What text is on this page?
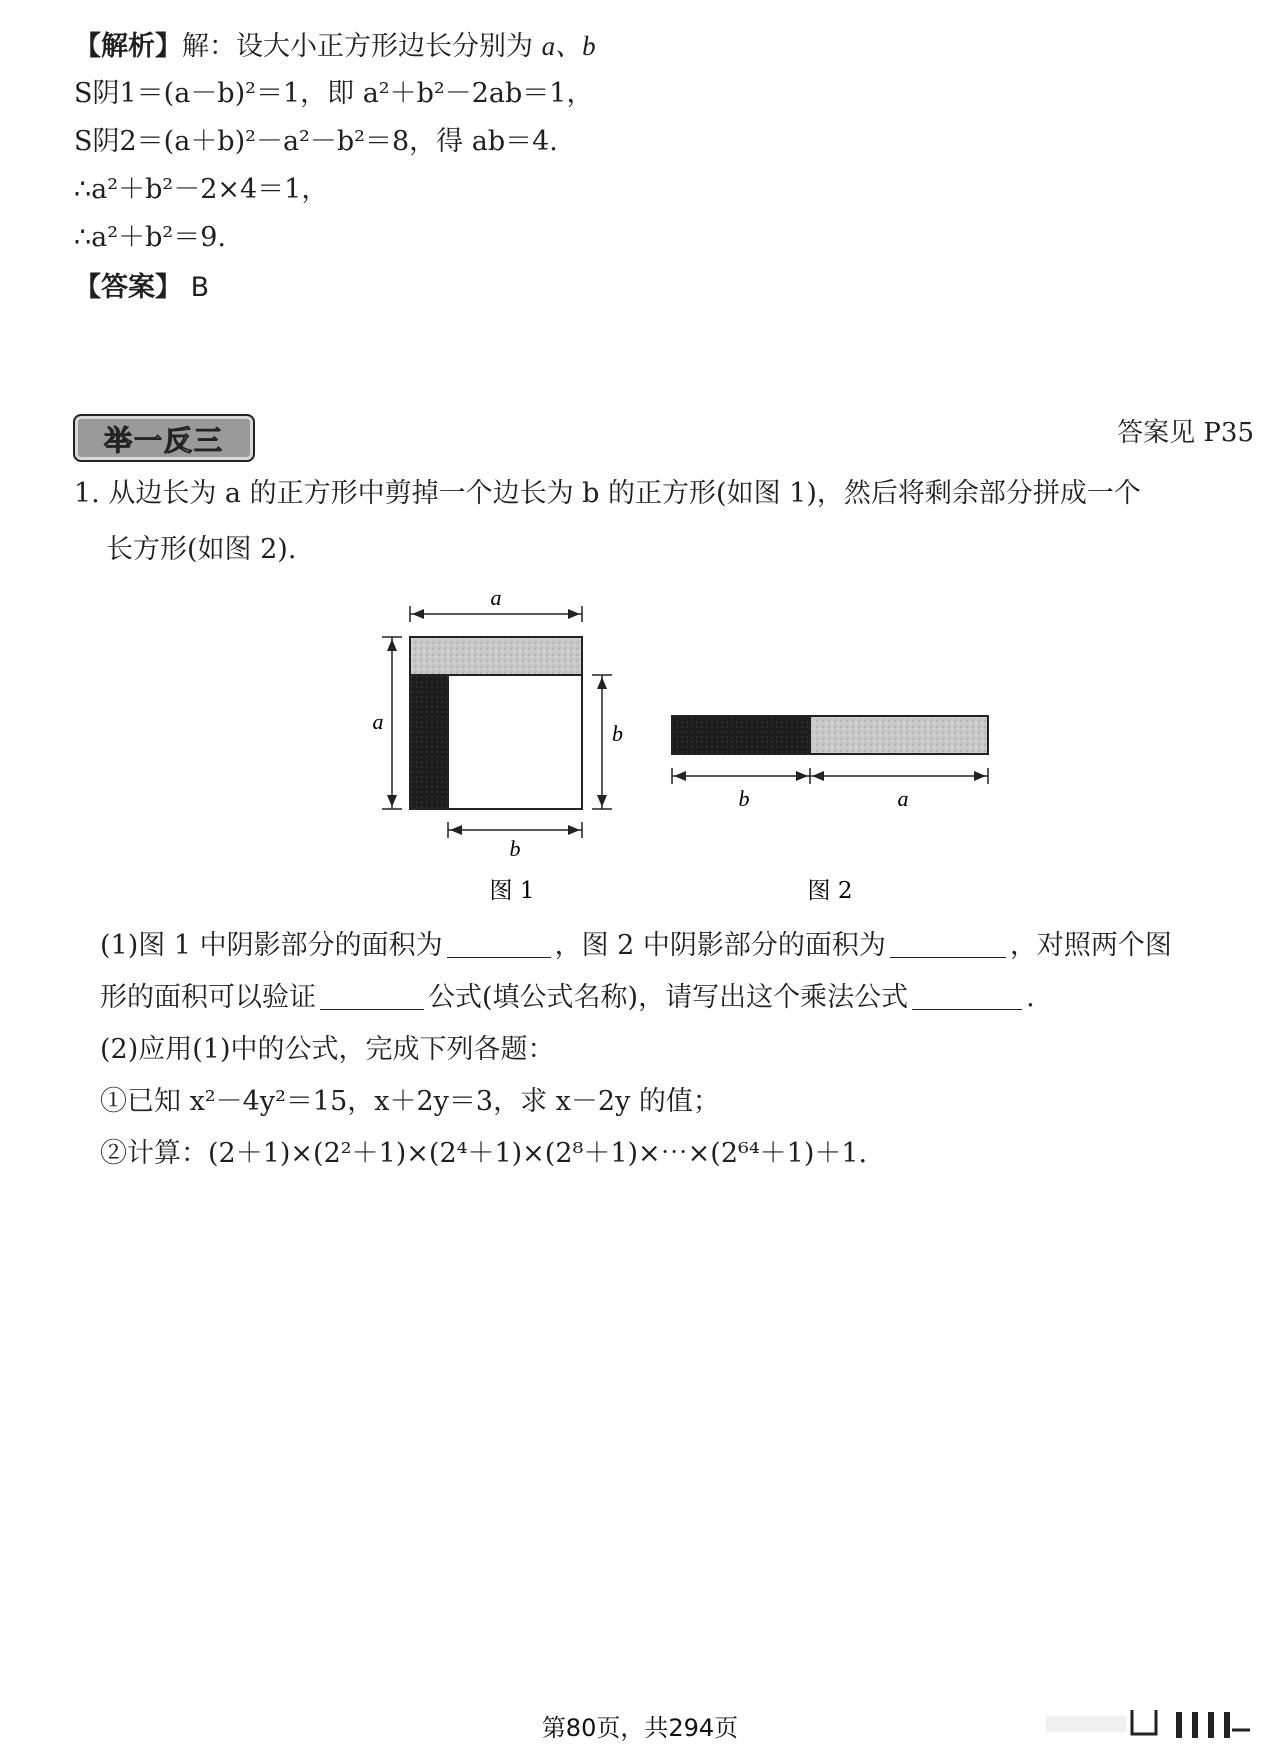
【解析】解：设大小正方形边长分别为 a、b
S阴1＝(a－b)²＝1，即 a²＋b²－2ab＝1，
S阴2＝(a＋b)²－a²－b²＝8，得 ab＝4.
∴a²＋b²－2×4＝1，
∴a²＋b²＝9.
【答案】 B
举一反三	答案见 P35
1. 从边长为 a 的正方形中剪掉一个边长为 b 的正方形(如图 1)，然后将剩余部分拼成一个
长方形(如图 2).
a
a	b
b
图 1
b	a
图 2
(1)图 1 中阴影部分的面积为	，图 2 中阴影部分的面积为	，对照两个图
形的面积可以验证	公式(填公式名称)，请写出这个乘法公式	.
(2)应用(1)中的公式，完成下列各题：
①已知 x²－4y²＝15，x＋2y＝3，求 x－2y 的值；
②计算：(2＋1)×(2²＋1)×(2⁴＋1)×(2⁸＋1)×⋯×(2⁶⁴＋1)＋1.
第80页，共294页
